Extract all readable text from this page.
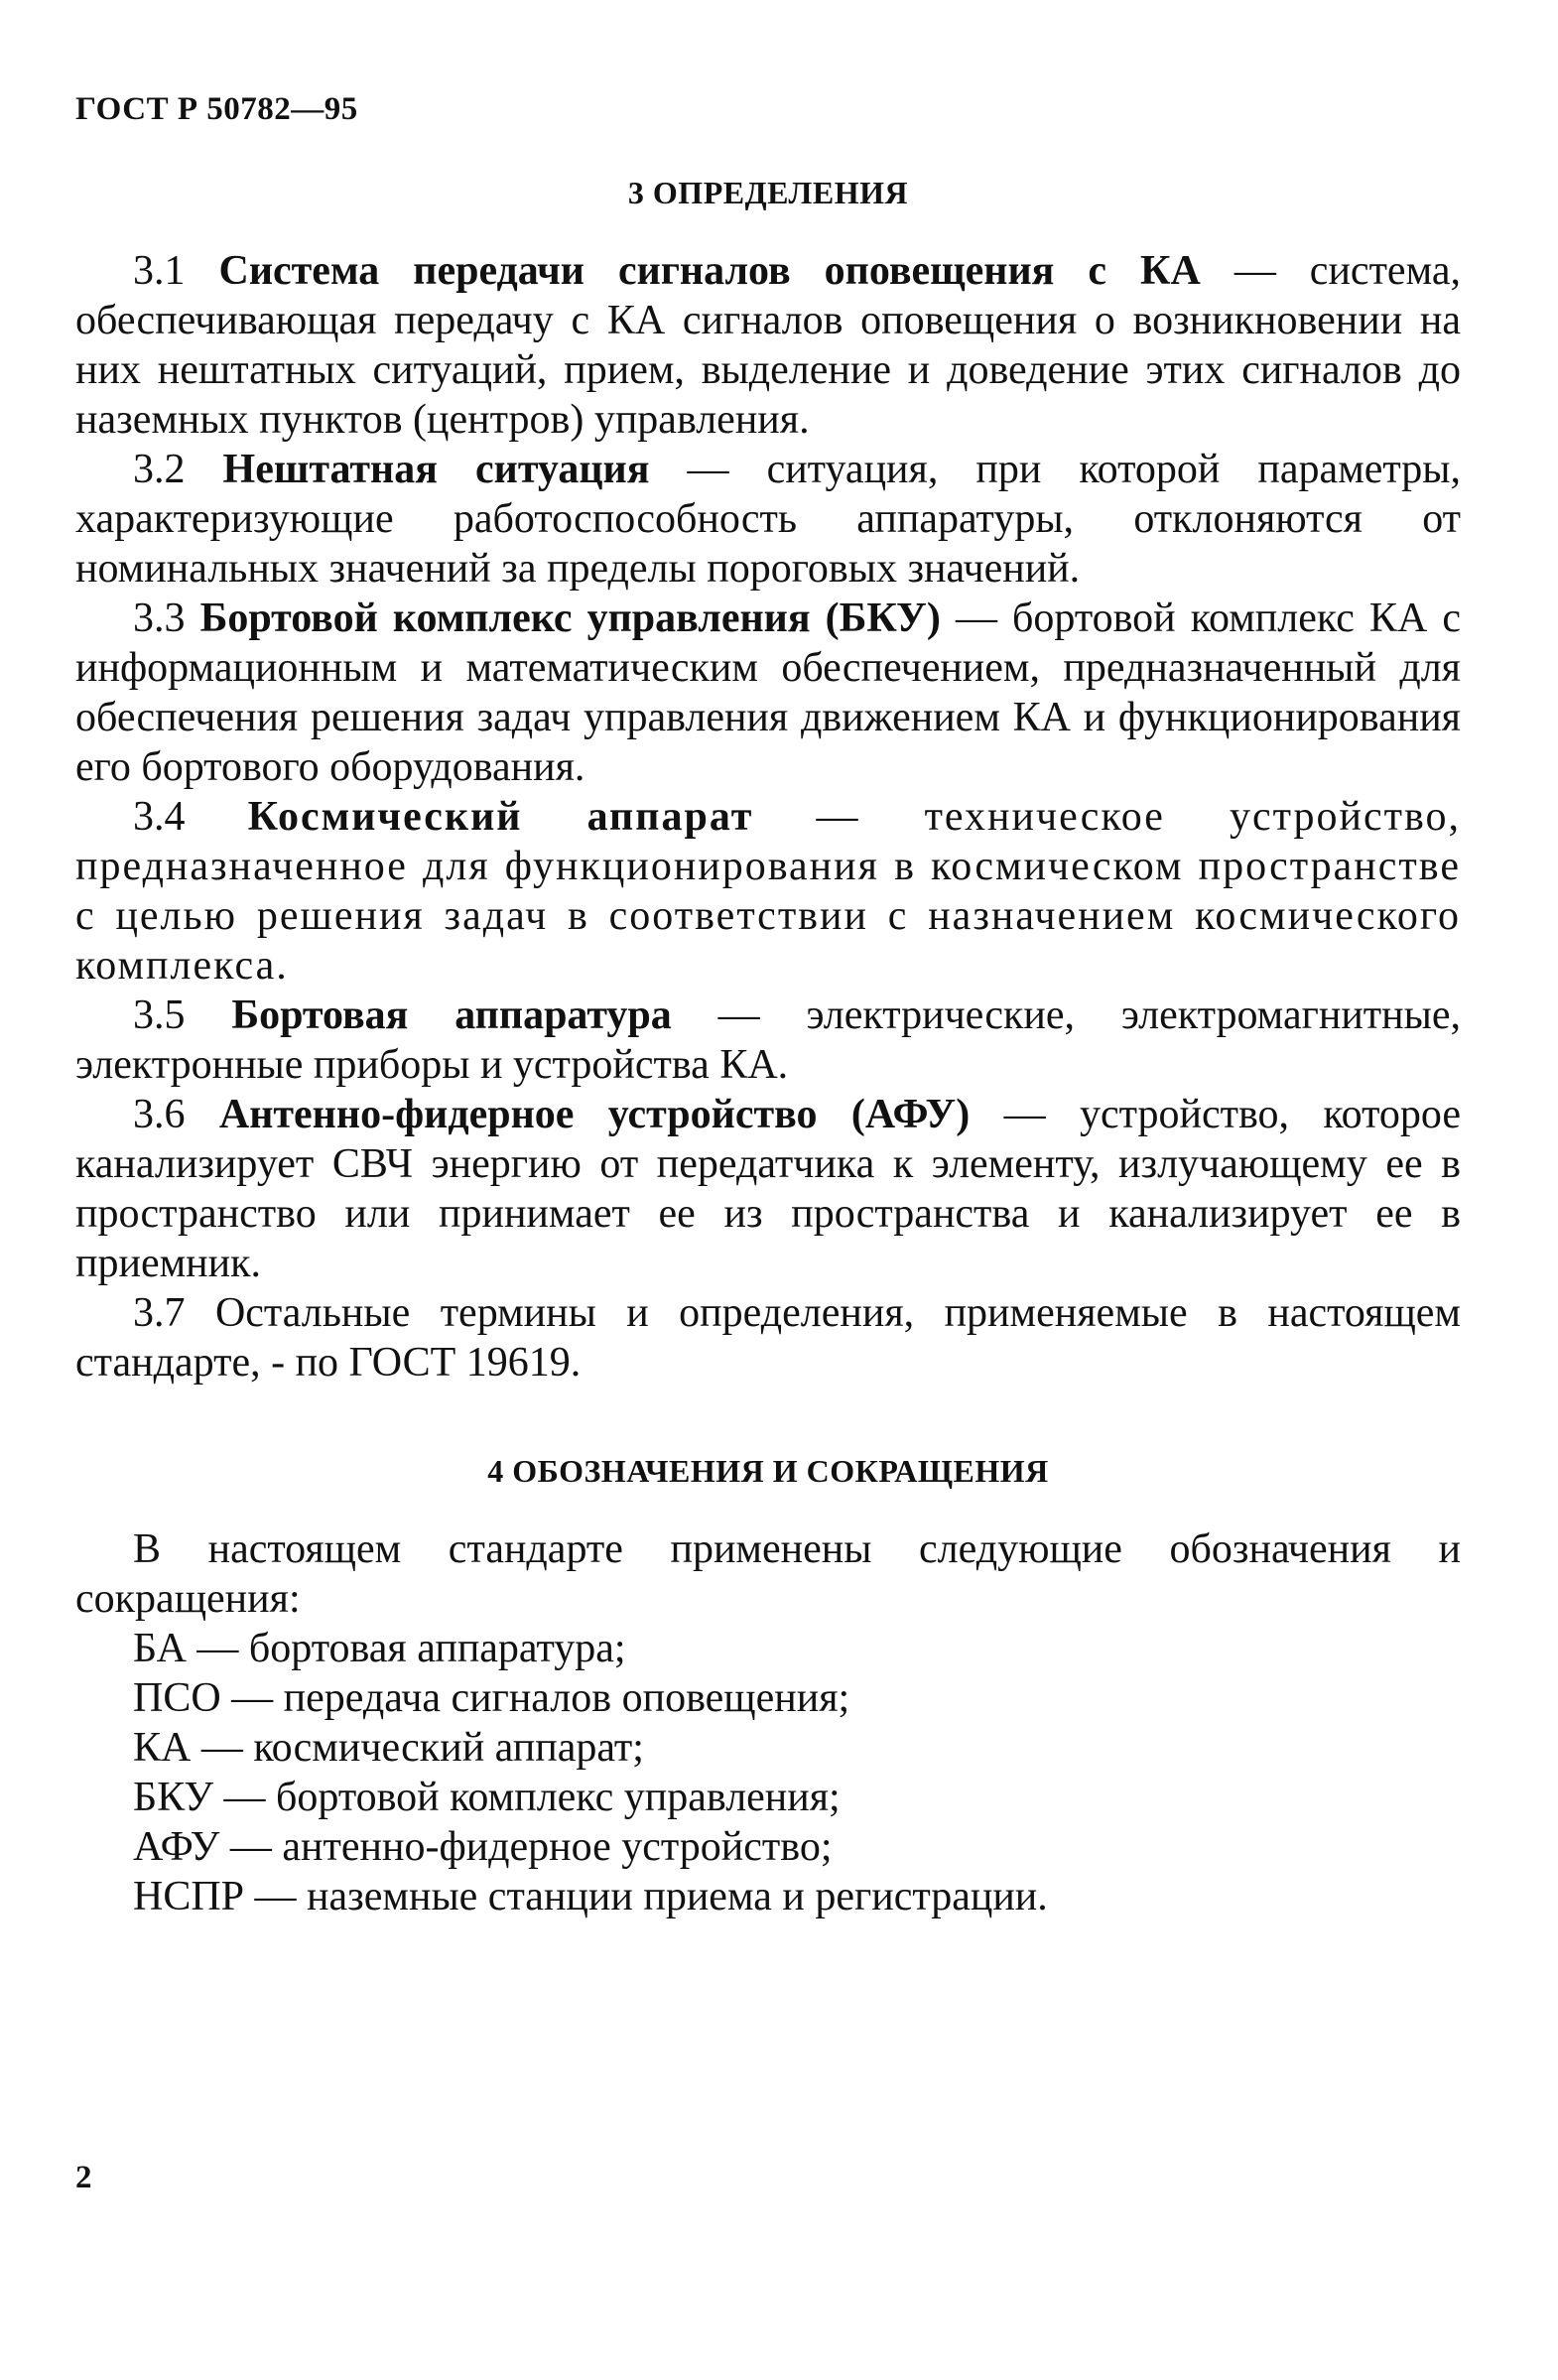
ГОСТ Р 50782—95
3 ОПРЕДЕЛЕНИЯ

3.1 Система передачи сигналов оповещения с КА — система, обеспечивающая передачу с КА сигналов оповещения о возникновении на них нештатных ситуаций, прием, выделение и доведение этих сигналов до наземных пунктов (центров) управления.

3.2 Нештатная ситуация — ситуация, при которой параметры, характеризующие работоспособность аппаратуры, отклоняются от номинальных значений за пределы пороговых значений.

3.3 Бортовой комплекс управления (БКУ) — бортовой комплекс КА с информационным и математическим обеспечением, предназначенный для обеспечения решения задач управления движением КА и функционирования его бортового оборудования.

3.4 Космический аппарат — техническое устройство, предназначенное для функционирования в космическом пространстве с целью решения задач в соответствии с назначением космического комплекса.

3.5 Бортовая аппаратура — электрические, электромагнитные, электронные приборы и устройства КА.

3.6 Антенно-фидерное устройство (АФУ) — устройство, которое канализирует СВЧ энергию от передатчика к элементу, излучающему ее в пространство или принимает ее из пространства и канализирует ее в приемник.

3.7 Остальные термины и определения, применяемые в настоящем стандарте, - по ГОСТ 19619.

4 ОБОЗНАЧЕНИЯ И СОКРАЩЕНИЯ

В настоящем стандарте применены следующие обозначения и сокращения:

БА — бортовая аппаратура;
ПСО — передача сигналов оповещения;
КА — космический аппарат;
БКУ — бортовой комплекс управления;
АФУ — антенно-фидерное устройство;
НСПР — наземные станции приема и регистрации.
2
